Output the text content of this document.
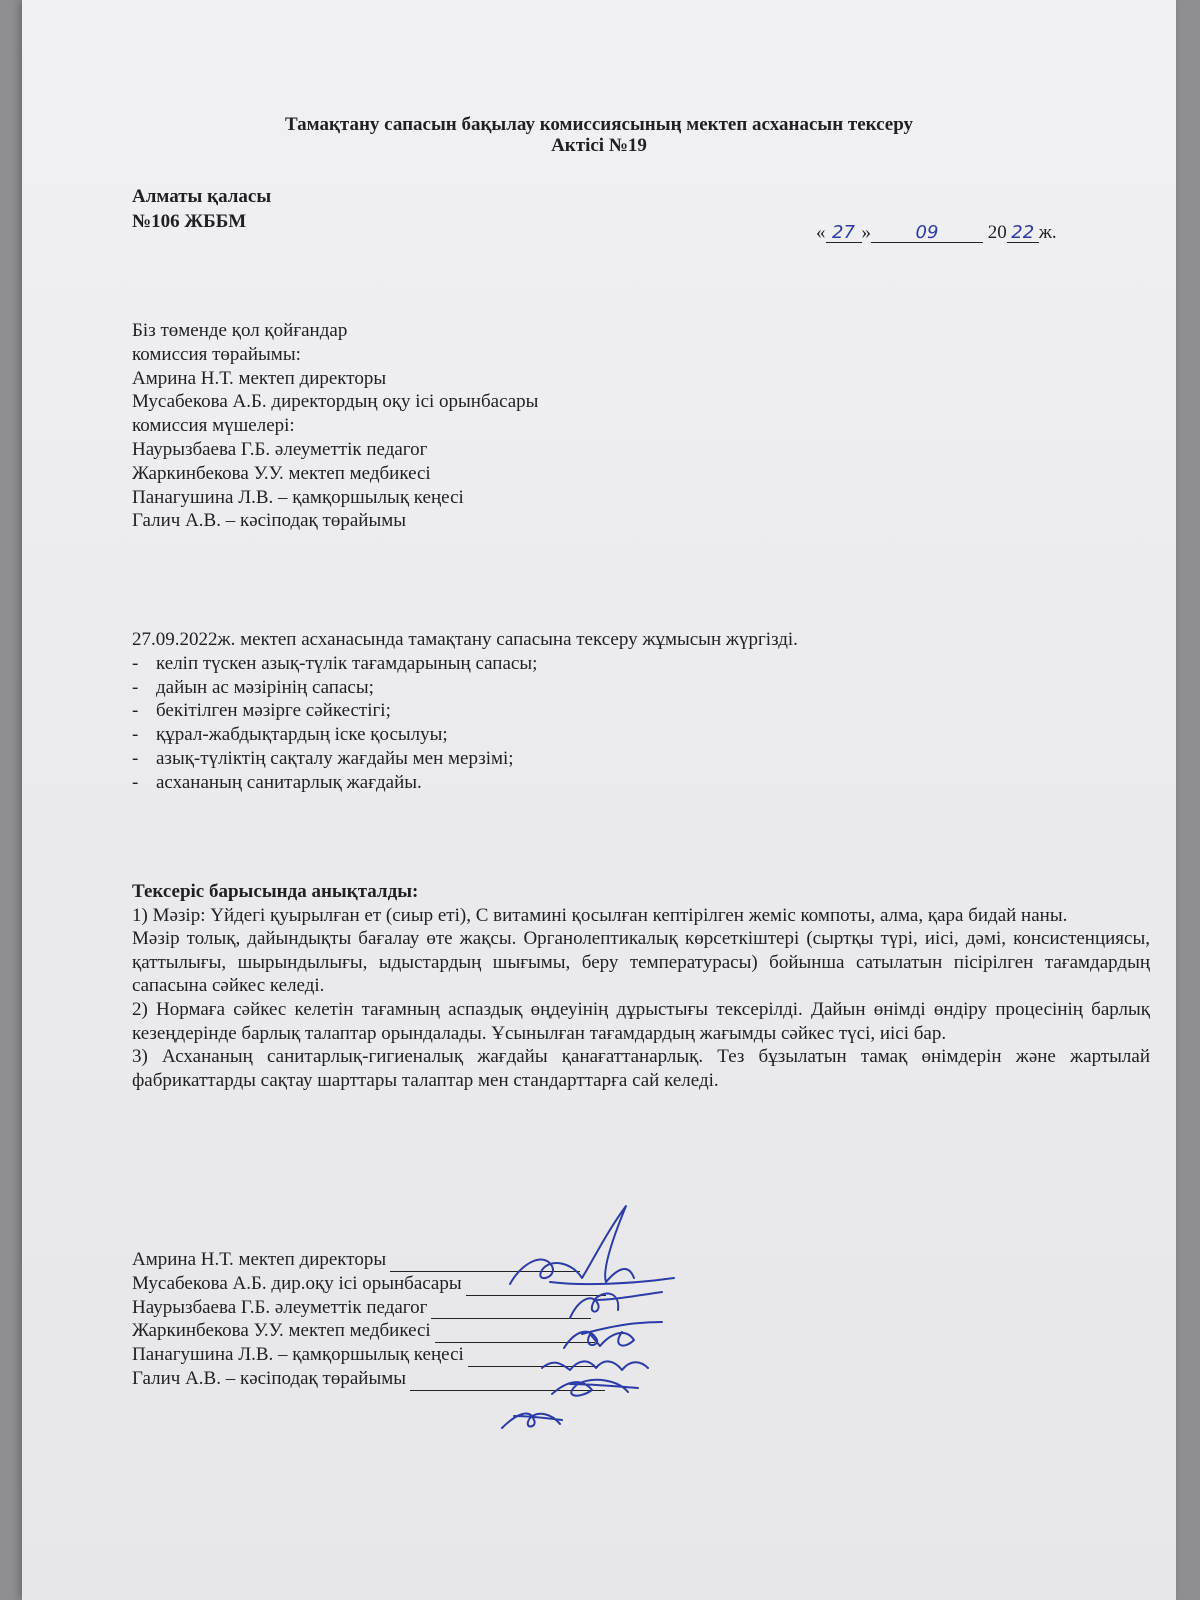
Тамақтану сапасын бақылау комиссиясының мектеп асханасын тексеру
Актісі №19
Алматы қаласы
№106 ЖББМ
« 27 » 09	20 22 ж.
Біз төменде қол қойғандар
комиссия төрайымы:
Амрина Н.Т. мектеп директоры
Мусабекова А.Б. директордың оқу ісі орынбасары
комиссия мүшелері:
Наурызбаева Г.Б. әлеуметтік педагог
Жаркинбекова У.У. мектеп медбикесі
Панагушина Л.В. – қамқоршылық кеңесі
Галич А.В. – кәсіподақ төрайымы
27.09.2022ж. мектеп асханасында тамақтану сапасына тексеру жұмысын жүргізді.
- келіп түскен азық-түлік тағамдарының сапасы;
- дайын ас мәзірінің сапасы;
- бекітілген мәзірге сәйкестігі;
- құрал-жабдықтардың іске қосылуы;
- азық-түліктің сақталу жағдайы мен мерзімі;
- асхананың санитарлық жағдайы.

Тексеріс барысында анықталды:

1) Мәзір: Үйдегі қуырылған ет (сиыр еті), С витамині қосылған кептірілген жеміс компоты, алма, қара бидай наны.

Мәзір толық, дайындықты бағалау өте жақсы. Органолептикалық көрсеткіштері (сыртқы түрі, иісі, дәмі, консистенциясы, қаттылығы, шырындылығы, ыдыстардың шығымы, беру температурасы) бойынша сатылатын пісірілген тағамдардың сапасына сәйкес келеді.

2) Нормаға сәйкес келетін тағамның аспаздық өңдеуінің дұрыстығы тексерілді. Дайын өнімді өндіру процесінің барлық кезеңдерінде барлық талаптар орындалады. Ұсынылған тағамдардың жағымды сәйкес түсі, иісі бар.

3) Асхананың санитарлық-гигиеналық жағдайы қанағаттанарлық. Тез бұзылатын тамақ өнімдерін және жартылай фабрикаттарды сақтау шарттары талаптар мен стандарттарға сай келеді.

Амрина Н.Т. мектеп директоры
Мусабекова А.Б. дир.оқу ісі орынбасары
Наурызбаева Г.Б. әлеуметтік педагог
Жаркинбекова У.У. мектеп медбикесі
Панагушина Л.В. – қамқоршылық кеңесі
Галич А.В. – кәсіподақ төрайымы
